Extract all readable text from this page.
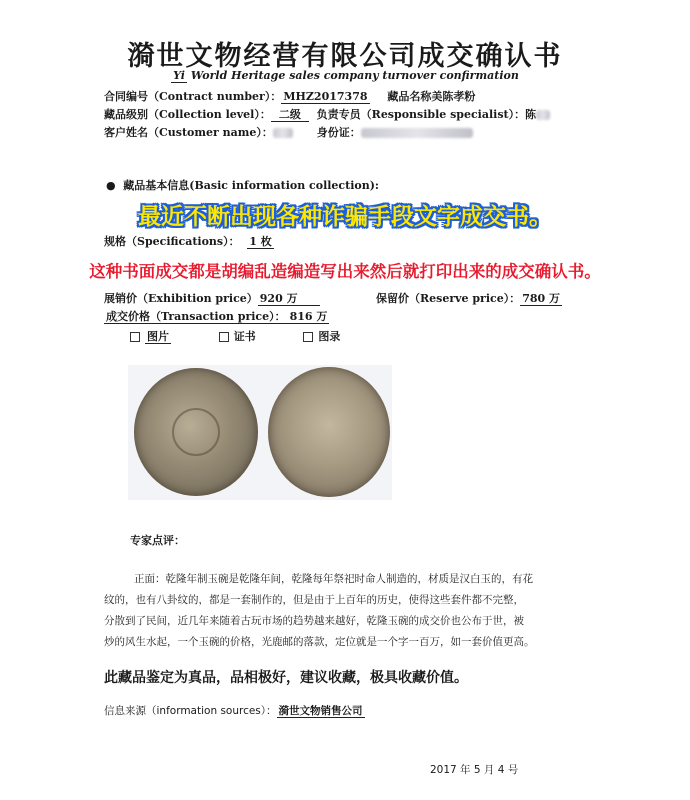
漪世文物经营有限公司成交确认书
Yi World Heritage sales company turnover confirmation
合同编号（Contract number）： MHZ2017378 藏品名称美陈孝粉
藏品级别（Collection level）： 二级 负责专员（Responsible specialist）：陈
客户姓名（Customer name）：	身份证：
● 藏品基本信息(Basic information collection):
最近不断出现各种诈骗手段文字成交书。
规格（Specifications）： 1 枚
这种书面成交都是胡编乱造编造写出来然后就打印出来的成交确认书。
展销价（Exhibition price） 920 万	保留价（Reserve price）： 780 万
成交价格（Transaction price）： 816 万
图片	证书	图录
专家点评：
正面：乾隆年制玉碗是乾隆年间，乾隆每年祭祀时命人制造的，材质是汉白玉的，有花
纹的，也有八卦纹的，都是一套制作的，但是由于上百年的历史，使得这些套件都不完整，
分散到了民间，近几年来随着古玩市场的趋势越来越好，乾隆玉碗的成交价也公布于世，被
炒的风生水起，一个玉碗的价格，光鹿邮的落款，定位就是一个字一百万，如一套价值更高。
此藏品鉴定为真品，品相极好，建议收藏，极具收藏价值。
信息来源（information sources）： 漪世文物销售公司
2017 年 5 月 4 号
